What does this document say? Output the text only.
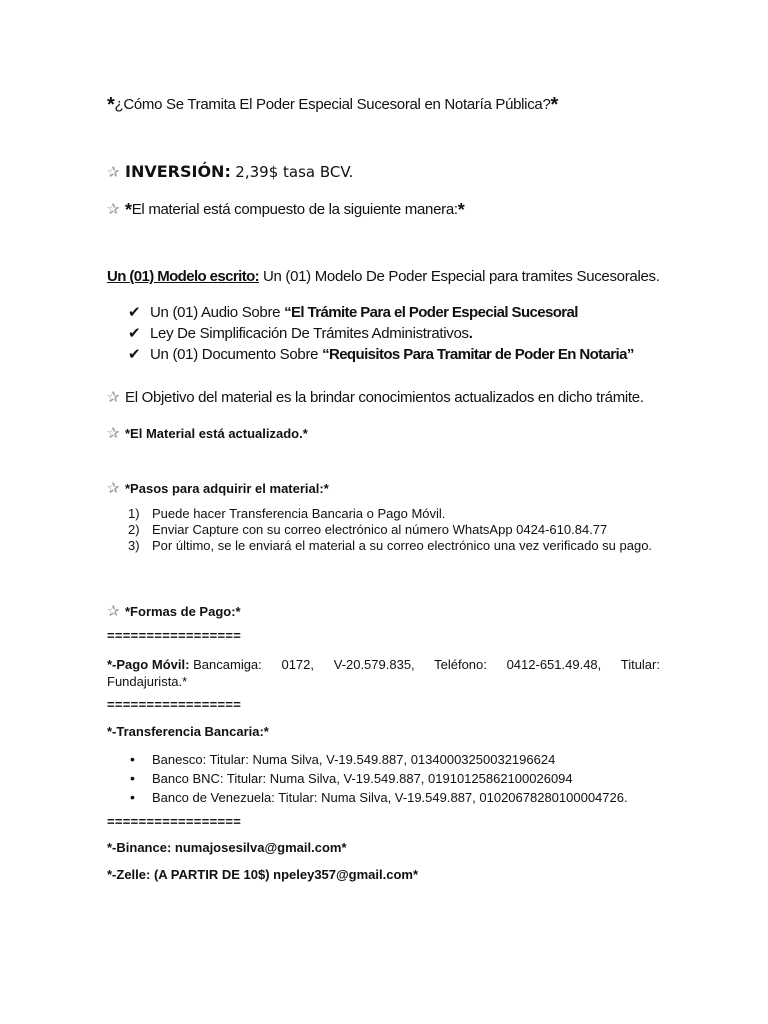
*¿Cómo Se Tramita El Poder Especial Sucesoral en Notaría Pública?*
✰ INVERSIÓN: 2,39$ tasa BCV.
✰ *El material está compuesto de la siguiente manera:*
Un (01) Modelo escrito: Un (01) Modelo De Poder Especial para tramites Sucesorales.
✔ Un (01) Audio Sobre “El Trámite Para el Poder Especial Sucesoral
✔ Ley De Simplificación De Trámites Administrativos.
✔ Un (01) Documento Sobre “Requisitos Para Tramitar de Poder En Notaria”
✰ El Objetivo del material es la brindar conocimientos actualizados en dicho trámite.
✰ *El Material está actualizado.*
✰ *Pasos para adquirir el material:*
1) Puede hacer Transferencia Bancaria o Pago Móvil.
2) Enviar Capture con su correo electrónico al número WhatsApp 0424-610.84.77
3) Por último, se le enviará el material a su correo electrónico una vez verificado su pago.
✰ *Formas de Pago:*
=================
*-Pago Móvil: Bancamiga: 0172, V-20.579.835, Teléfono: 0412-651.49.48, Titular: Fundajurista.*
=================
*-Transferencia Bancaria:*
• Banesco: Titular: Numa Silva, V-19.549.887, 01340003250032196624
• Banco BNC: Titular: Numa Silva, V-19.549.887, 01910125862100026094
• Banco de Venezuela: Titular: Numa Silva, V-19.549.887, 01020678280100004726.
=================
*-Binance: numajosesilva@gmail.com*
*-Zelle: (A PARTIR DE 10$) npeley357@gmail.com*
